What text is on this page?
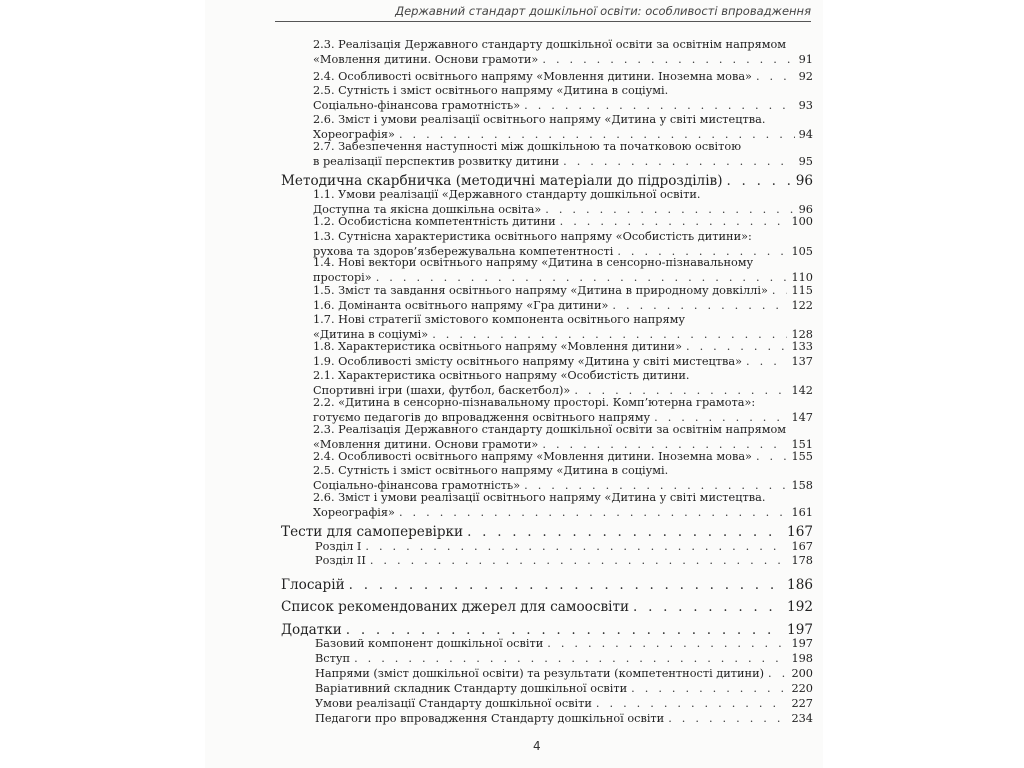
Державний стандарт дошкільної освіти: особливості впровадження
2.3. Реалізація Державного стандарту дошкільної освіти за освітнім напрямом
«Мовлення дитини. Основи грамоти» . . .	91
2.4. Особливості освітнього напряму «Мовлення дитини. Іноземна мова» . . .	92
2.5. Сутність і зміст освітнього напряму «Дитина в соціумі.
Соціально-фінансова грамотність» . . .	93
2.6. Зміст і умови реалізації освітнього напряму «Дитина у світі мистецтва.
Хореографія» . . .	94
2.7. Забезпечення наступності між дошкільною та початковою освітою
в реалізації перспектив розвитку дитини . . .	95
Методична скарбничка (методичні матеріали до підрозділів) . . .	96
1.1. Умови реалізації «Державного стандарту дошкільної освіти.
Доступна та якісна дошкільна освіта» . . .	96
1.2. Особистісна компетентність дитини . . .	100
1.3. Сутнісна характеристика освітнього напряму «Особистість дитини»:
рухова та здоров’язбережувальна компетентності . . .	105
1.4. Нові вектори освітнього напряму «Дитина в сенсорно-пізнавальному
просторі» . . .	110
1.5. Зміст та завдання освітнього напряму «Дитина в природному довкіллі» . . . 115
1.6. Домінанта освітнього напряму «Гра дитини» . . .	122
1.7. Нові стратегії змістового компонента освітнього напряму
«Дитина в соціумі» . . .	128
1.8. Характеристика освітнього напряму «Мовлення дитини» . . .	133
1.9. Особливості змісту освітнього напряму «Дитина у світі мистецтва» . . .	137
2.1. Характеристика освітнього напряму «Особистість дитини.
Спортивні ігри (шахи, футбол, баскетбол)» . . .	142
2.2. «Дитина в сенсорно-пізнавальному просторі. Комп’ютерна грамота»:
готуємо педагогів до впровадження освітнього напряму . . .	147
2.3. Реалізація Державного стандарту дошкільної освіти за освітнім напрямом
«Мовлення дитини. Основи грамоти» . . .	151
2.4. Особливості освітнього напряму «Мовлення дитини. Іноземна мова» . . .	155
2.5. Сутність і зміст освітнього напряму «Дитина в соціумі.
Соціально-фінансова грамотність» . . .	158
2.6. Зміст і умови реалізації освітнього напряму «Дитина у світі мистецтва.
Хореографія» . . .	161
Тести для самоперевірки . . .	167
Розділ I . . .	167
Розділ II . . .	178
Глосарій . . .	186
Список рекомендованих джерел для самоосвіти . . .	192
Додатки . . .	197
Базовий компонент дошкільної освіти . . .	197
Вступ . . .	198
Напрями (зміст дошкільної освіти) та результати (компетентності дитини) . . . 200
Варіативний складник Стандарту дошкільної освіти . . .	220
Умови реалізації Стандарту дошкільної освіти . . .	227
Педагоги про впровадження Стандарту дошкільної освіти . . .	234
4
